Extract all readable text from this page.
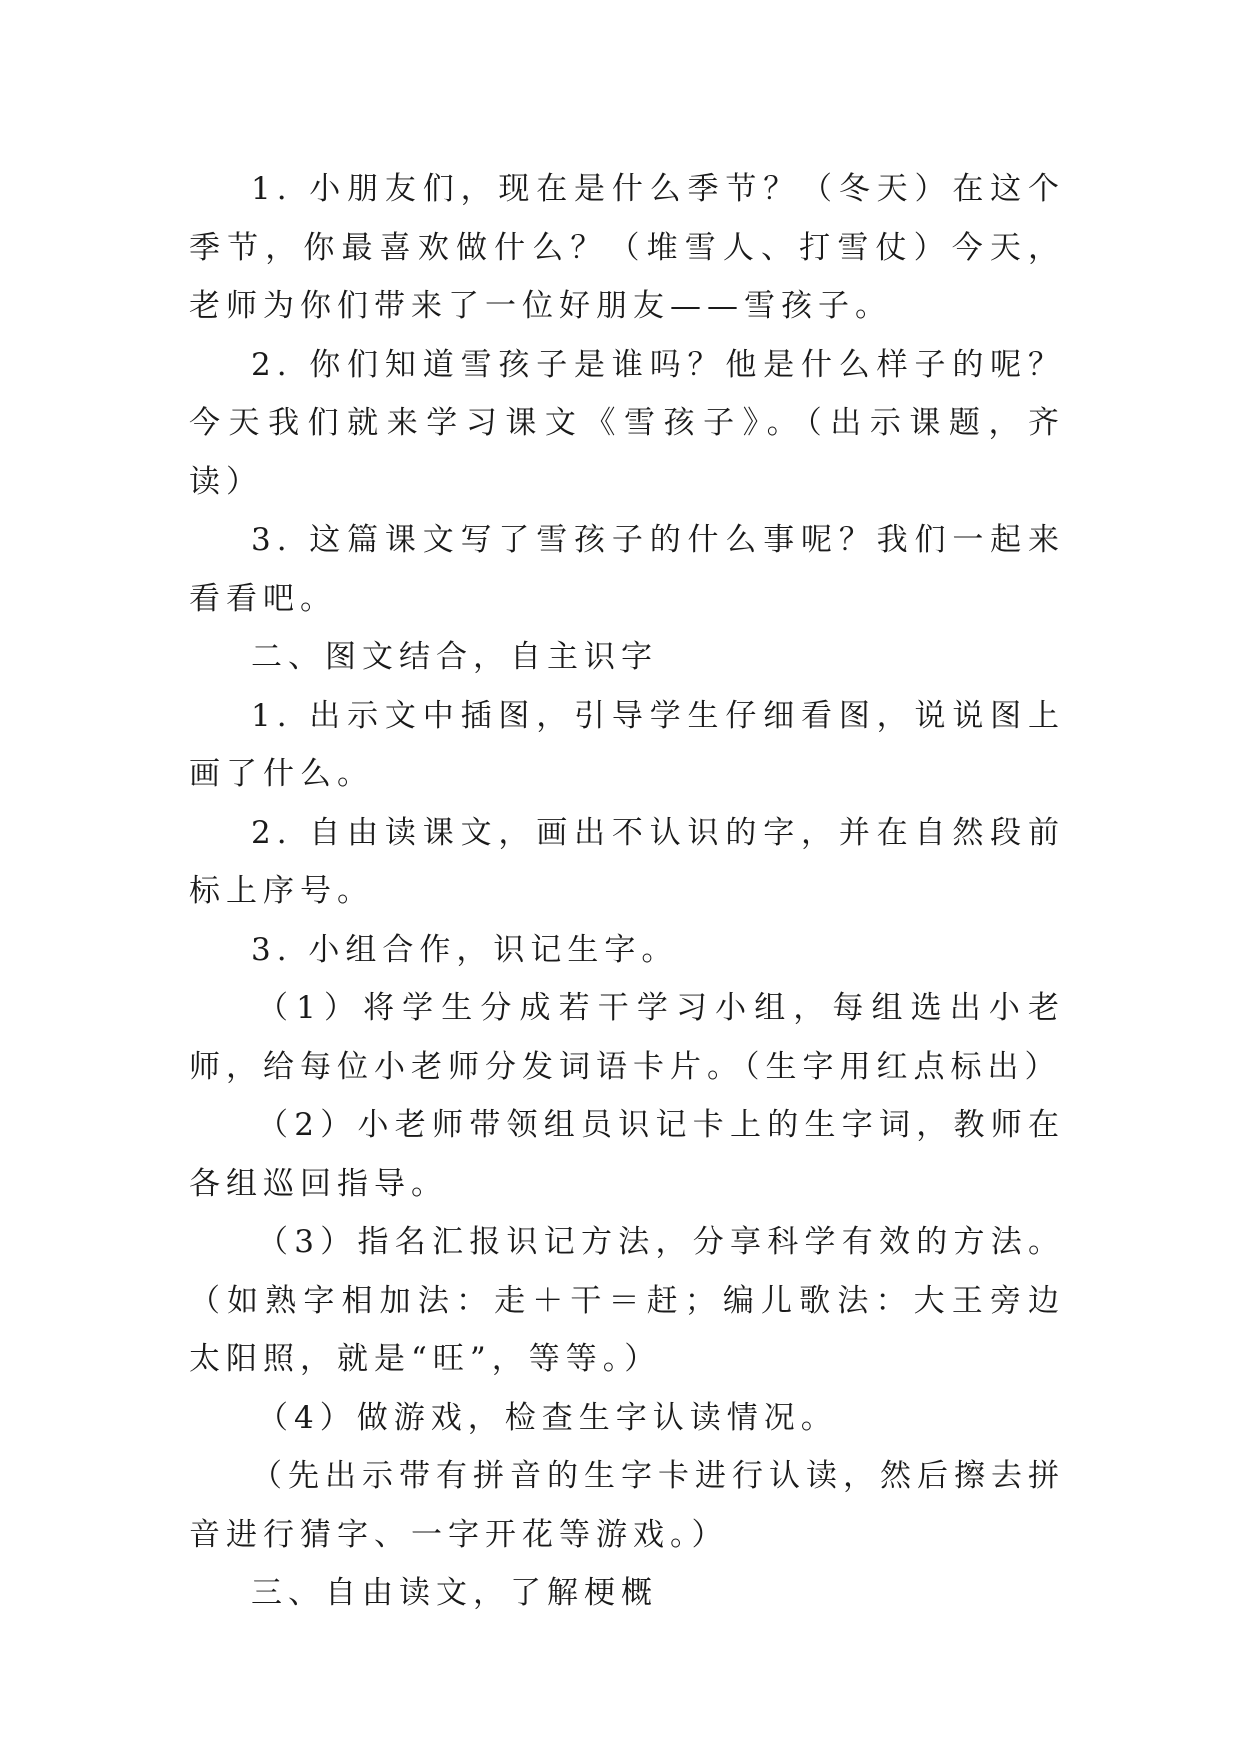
1. 小朋友们，现在是什么季节？（冬天）在这个季节，你最喜欢做什么？（堆雪人、打雪仗）今天，老师为你们带来了一位好朋友——雪孩子。

2. 你们知道雪孩子是谁吗？他是什么样子的呢？今天我们就来学习课文《雪孩子》。（出示课题，齐读）

3. 这篇课文写了雪孩子的什么事呢？我们一起来看看吧。

二、图文结合，自主识字

1. 出示文中插图，引导学生仔细看图，说说图上画了什么。

2. 自由读课文，画出不认识的字，并在自然段前标上序号。

3. 小组合作，识记生字。

（1）将学生分成若干学习小组，每组选出小老师，给每位小老师分发词语卡片。（生字用红点标出）

（2）小老师带领组员识记卡上的生字词，教师在各组巡回指导。

（3）指名汇报识记方法，分享科学有效的方法。（如熟字相加法：走＋干＝赶；编儿歌法：大王旁边太阳照，就是“旺”，等等。）

（4）做游戏，检查生字认读情况。

（先出示带有拼音的生字卡进行认读，然后擦去拼音进行猜字、一字开花等游戏。）

三、自由读文，了解梗概
